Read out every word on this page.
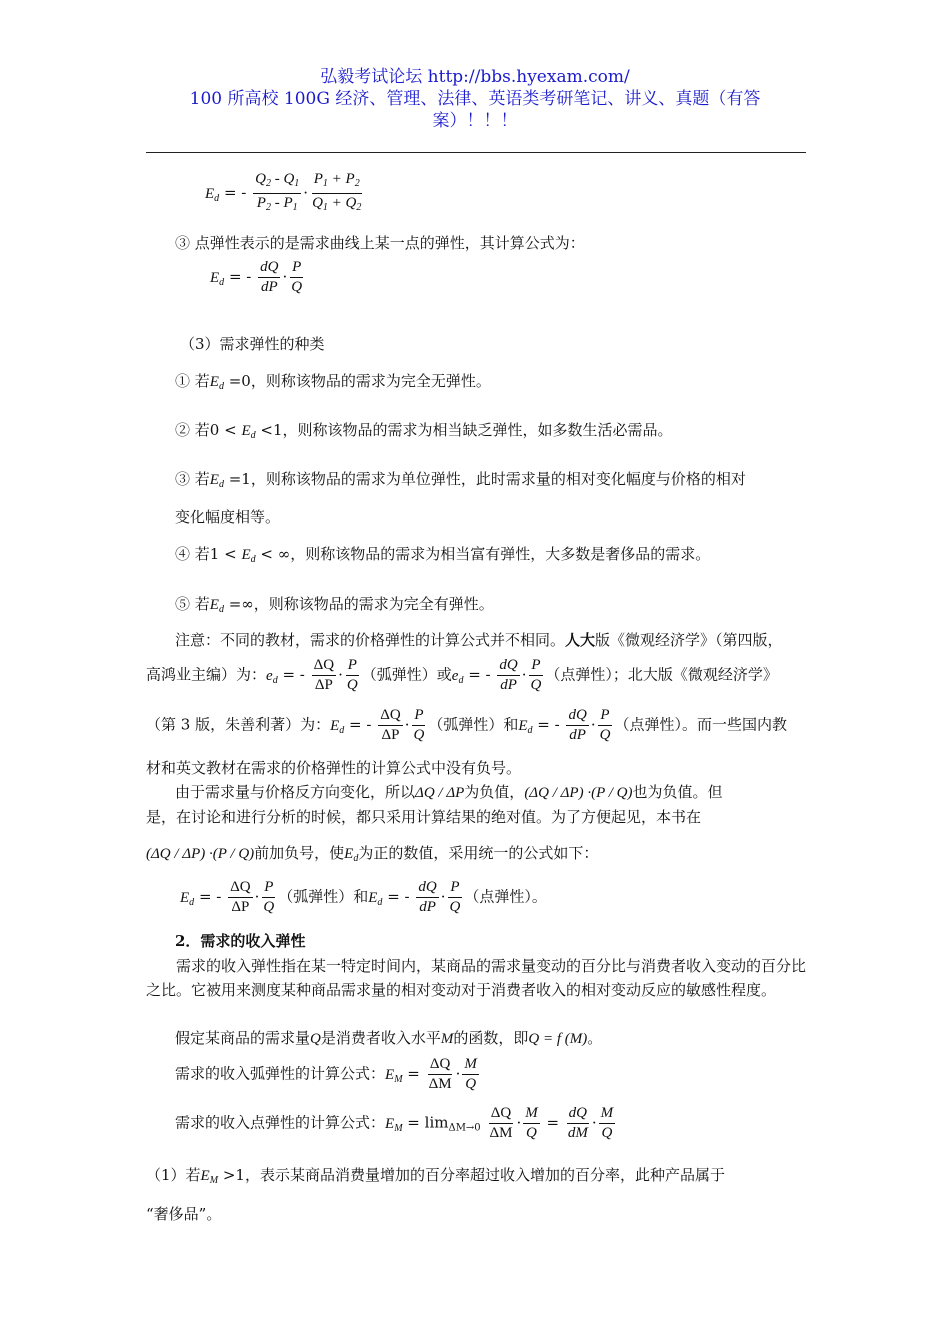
弘毅考试论坛 http://bbs.hyexam.com/
100 所高校 100G 经济、管理、法律、英语类考研笔记、讲义、真题（有答
案）！！！
$E_d$ = - $\frac{Q_2 - Q_1}{P_2 - P_1} \cdot \frac{P_1 + P_2}{Q_1 + Q_2}$
③ 点弹性表示的是需求曲线上某一点的弹性，其计算公式为：
$E_d$ = - $\frac{dQ}{dP} \cdot \frac{P}{Q}$
（3）需求弹性的种类
① 若$E_d =0$，则称该物品的需求为完全无弹性。
② 若$0 < E_d <1$，则称该物品的需求为相当缺乏弹性，如多数生活必需品。
③ 若$E_d =1$，则称该物品的需求为单位弹性，此时需求量的相对变化幅度与价格的相对
变化幅度相等。
④ 若$1 < E_d$ < ∞，则称该物品的需求为相当富有弹性，大多数是奢侈品的需求。
⑤ 若$E_d$ =∞，则称该物品的需求为完全有弹性。
注意：不同的教材，需求的价格弹性的计算公式并不相同。人大版《微观经济学》（第四版，
高鸿业主编）为：$e_d$ = - $\frac{\Delta Q}{\Delta P} \cdot \frac{P}{Q}$ （弧弹性）或$e_d$ = - $\frac{dQ}{dP} \cdot \frac{P}{Q}$ （点弹性）；北大版《微观经济学》
（第 3 版，朱善利著）为：$E_d$ = - $\frac{\Delta Q}{\Delta P} \cdot \frac{P}{Q}$ （弧弹性）和$E_d$ = - $\frac{dQ}{dP} \cdot \frac{P}{Q}$ （点弹性）。而一些国内教
材和英文教材在需求的价格弹性的计算公式中没有负号。
由于需求量与价格反方向变化，所以ΔQ / ΔP为负值，(ΔQ / ΔP) ·(P / Q)也为负值。但
是，在讨论和进行分析的时候，都只采用计算结果的绝对值。为了方便起见，本书在
(ΔQ / ΔP) ·(P / Q)前加负号，使$E_d$为正的数值，采用统一的公式如下：
$E_d$ = - $\frac{\Delta Q}{\Delta P} \cdot \frac{P}{Q}$ （弧弹性）和$E_d$ = - $\frac{dQ}{dP} \cdot \frac{P}{Q}$ （点弹性）。
2．需求的收入弹性
需求的收入弹性指在某一特定时间内，某商品的需求量变动的百分比与消费者收入变动的百分比之比。它被用来测度某种商品需求量的相对变动对于消费者收入的相对变动反应的敏感性程度。
假定某商品的需求量Q是消费者收入水平M的函数，即Q = f (M)。
需求的收入弧弹性的计算公式：$E_M = \frac{\Delta Q}{\Delta M} \cdot \frac{M}{Q}$
需求的收入点弹性的计算公式：$E_M = \lim_{\Delta M\to 0} \frac{\Delta Q}{\Delta M} \cdot \frac{M}{Q} = \frac{dQ}{dM} \cdot \frac{M}{Q}$
（1）若$E_M >1$，表示某商品消费量增加的百分率超过收入增加的百分率，此种产品属于
“奢侈品”。
